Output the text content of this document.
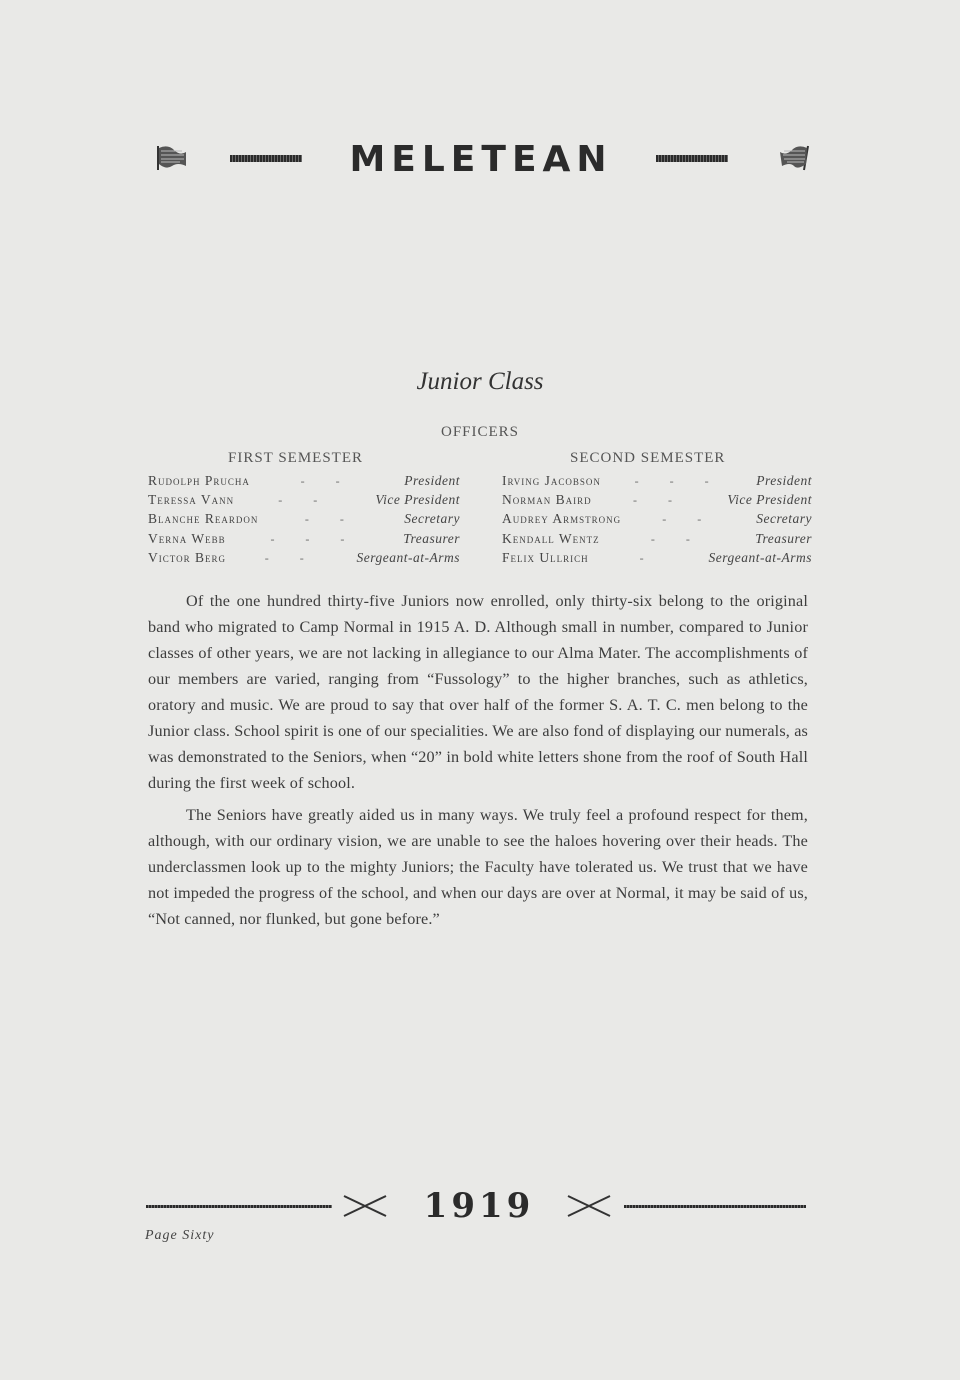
MELETEAN
Junior Class
OFFICERS
FIRST SEMESTER	SECOND SEMESTER
Rudolph Prucha	- -	President
Teressa Vann	- -	Vice President
Blanche Reardon	- -	Secretary
Verna Webb	- - -	Treasurer
Victor Berg	- -	Sergeant-at-Arms
Irving Jacobson	- - -	President
Norman Baird	- -	Vice President
Audrey Armstrong	- -	Secretary
Kendall Wentz	- -	Treasurer
Felix Ullrich	-	Sergeant-at-Arms

Of the one hundred thirty-five Juniors now enrolled, only thirty-six belong to the original band who migrated to Camp Normal in 1915 A. D. Although small in number, compared to Junior classes of other years, we are not lacking in allegiance to our Alma Mater. The accomplishments of our members are varied, ranging from “Fussology” to the higher branches, such as athletics, oratory and music. We are proud to say that over half of the former S. A. T. C. men belong to the Junior class. School spirit is one of our specialities. We are also fond of displaying our numerals, as was demonstrated to the Seniors, when “20” in bold white letters shone from the roof of South Hall during the first week of school.

The Seniors have greatly aided us in many ways. We truly feel a profound respect for them, although, with our ordinary vision, we are unable to see the haloes hovering over their heads. The underclassmen look up to the mighty Juniors; the Faculty have tolerated us. We trust that we have not impeded the progress of the school, and when our days are over at Normal, it may be said of us, “Not canned, nor flunked, but gone before.”

1919
Page Sixty
